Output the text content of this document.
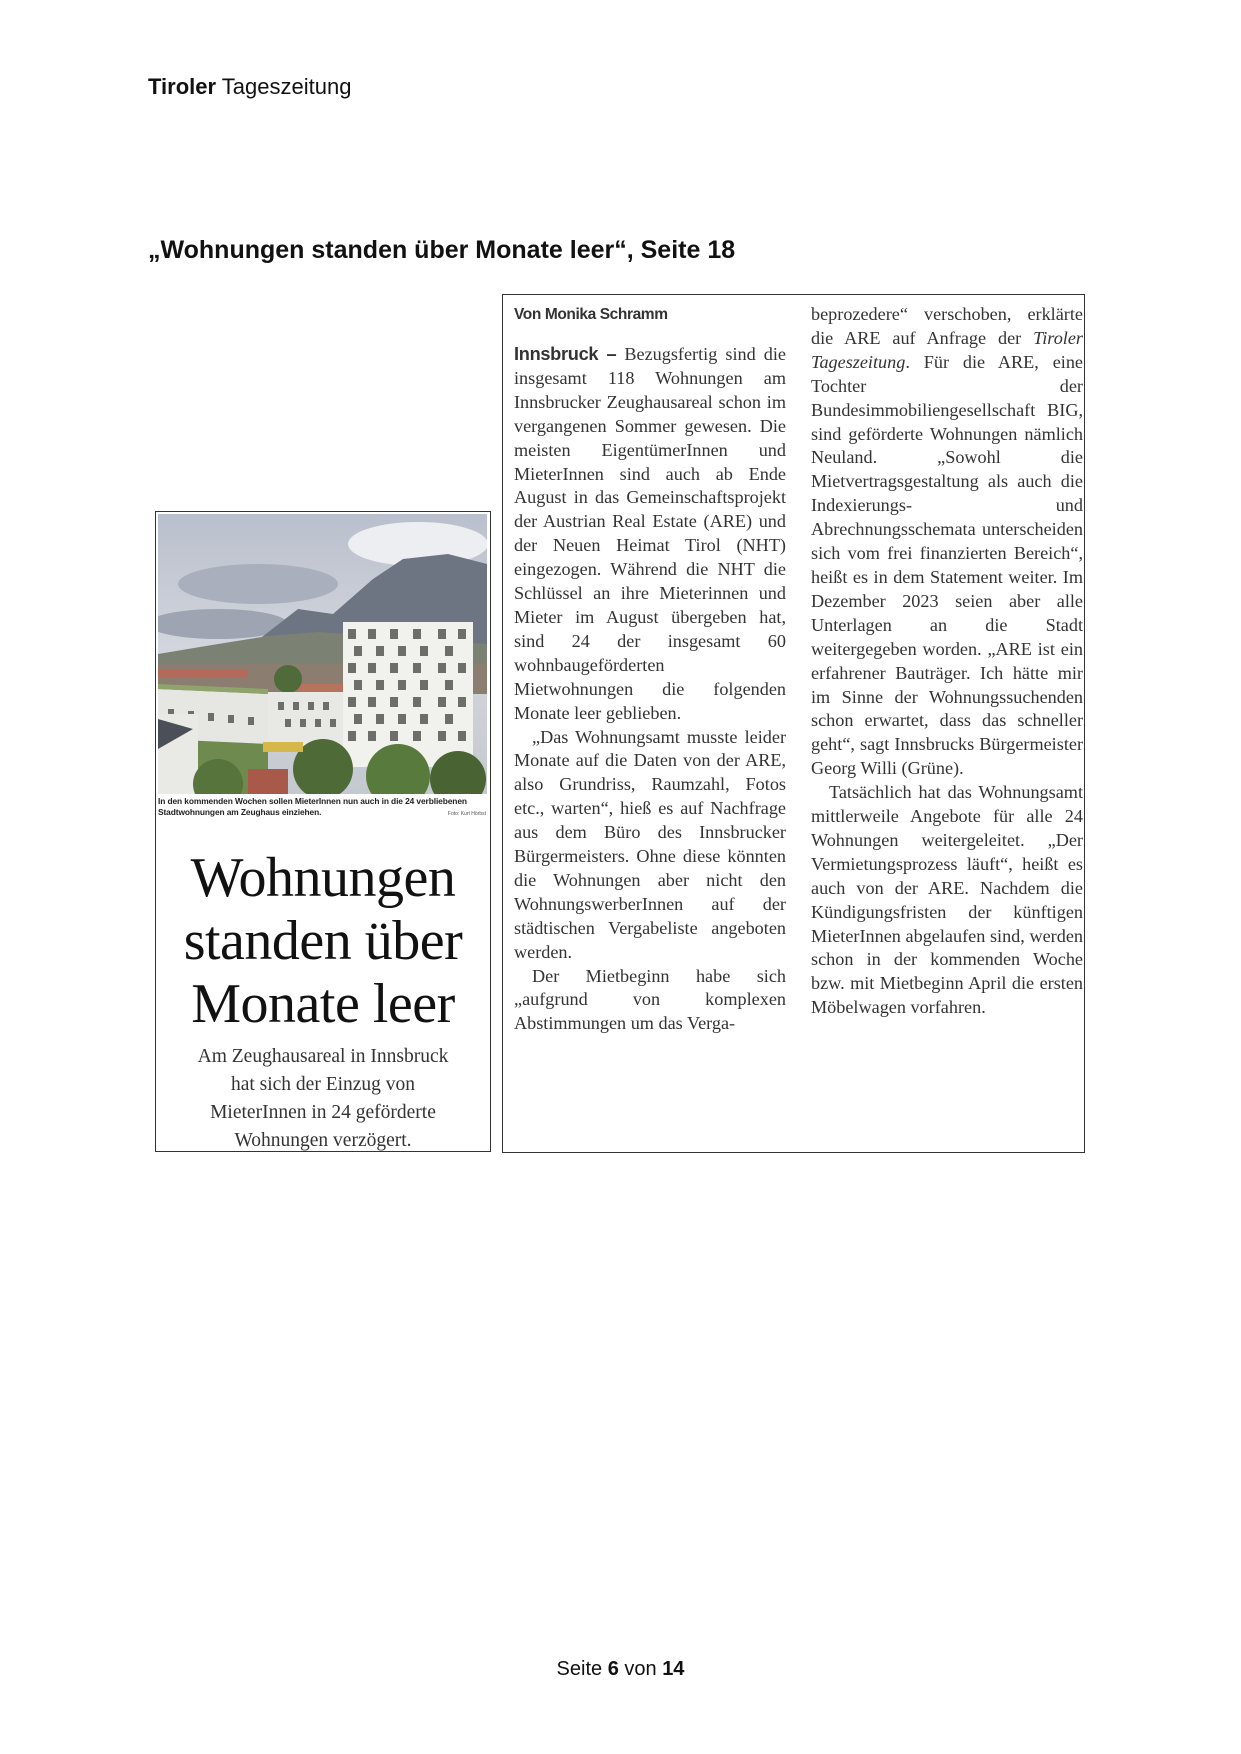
Tiroler Tageszeitung
„Wohnungen standen über Monate leer“, Seite 18
In den kommenden Wochen sollen MieterInnen nun auch in die 24 verbliebenen Stadtwohnungen am Zeughaus einziehen.	Foto: Kurt Hörbst
Wohnungen
standen über
Monate leer
Am Zeughausareal in Innsbruck
hat sich der Einzug von
MieterInnen in 24 geförderte
Wohnungen verzögert.
Von Monika Schramm

Innsbruck – Bezugsfertig sind die insgesamt 118 Wohnungen am Innsbrucker Zeughausareal schon im vergangenen Sommer gewesen. Die meisten EigentümerInnen und MieterInnen sind auch ab Ende August in das Gemeinschaftsprojekt der Austrian Real Estate (ARE) und der Neuen Heimat Tirol (NHT) eingezogen. Während die NHT die Schlüssel an ihre Mieterinnen und Mieter im August übergeben hat, sind 24 der insgesamt 60 wohnbaugeförderten Mietwohnungen die folgenden Monate leer geblieben.

„Das Wohnungsamt musste leider Monate auf die Daten von der ARE, also Grundriss, Raumzahl, Fotos etc., warten“, hieß es auf Nachfrage aus dem Büro des Innsbrucker Bürgermeisters. Ohne diese könnten die Wohnungen aber nicht den WohnungswerberInnen auf der städtischen Vergabeliste angeboten werden.

Der Mietbeginn habe sich „aufgrund von komplexen Abstimmungen um das Verga-

beprozedere“ verschoben, erklärte die ARE auf Anfrage der Tiroler Tageszeitung. Für die ARE, eine Tochter der Bundesimmobiliengesellschaft BIG, sind geförderte Wohnungen nämlich Neuland. „Sowohl die Mietvertragsgestaltung als auch die Indexierungs- und Abrechnungsschemata unterscheiden sich vom frei finanzierten Bereich“, heißt es in dem Statement weiter. Im Dezember 2023 seien aber alle Unterlagen an die Stadt weitergegeben worden. „ARE ist ein erfahrener Bauträger. Ich hätte mir im Sinne der Wohnungssuchenden schon erwartet, dass das schneller geht“, sagt Innsbrucks Bürgermeister Georg Willi (Grüne).

Tatsächlich hat das Wohnungsamt mittlerweile Angebote für alle 24 Wohnungen weitergeleitet. „Der Vermietungsprozess läuft“, heißt es auch von der ARE. Nachdem die Kündigungsfristen der künftigen MieterInnen abgelaufen sind, werden schon in der kommenden Woche bzw. mit Mietbeginn April die ersten Möbelwagen vorfahren.

Seite 6 von 14
